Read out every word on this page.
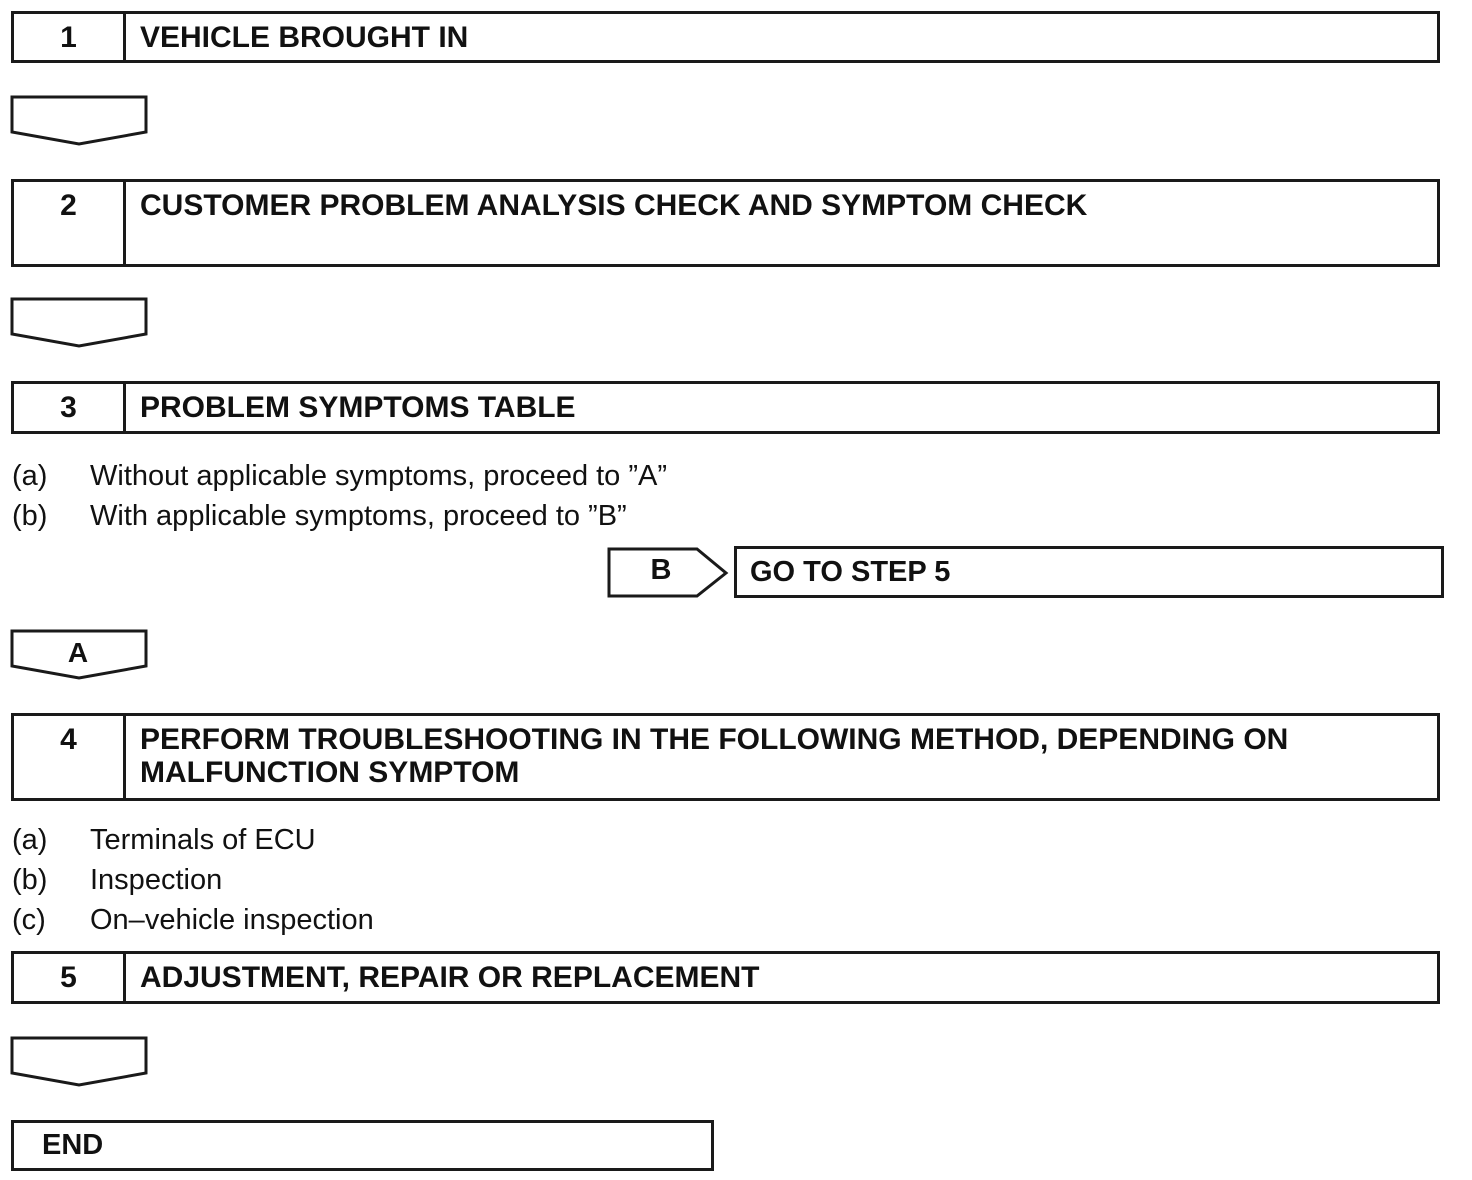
1	VEHICLE BROUGHT IN
2	CUSTOMER PROBLEM ANALYSIS CHECK AND SYMPTOM CHECK
3	PROBLEM SYMPTOMS TABLE
(a) Without applicable symptoms, proceed to ”A”
(b) With applicable symptoms, proceed to ”B”
B	GO TO STEP 5
A
4	PERFORM TROUBLESHOOTING IN THE FOLLOWING METHOD, DEPENDING ON MALFUNCTION SYMPTOM
(a) Terminals of ECU
(b) Inspection
(c) On–vehicle inspection
5	ADJUSTMENT, REPAIR OR REPLACEMENT
END
